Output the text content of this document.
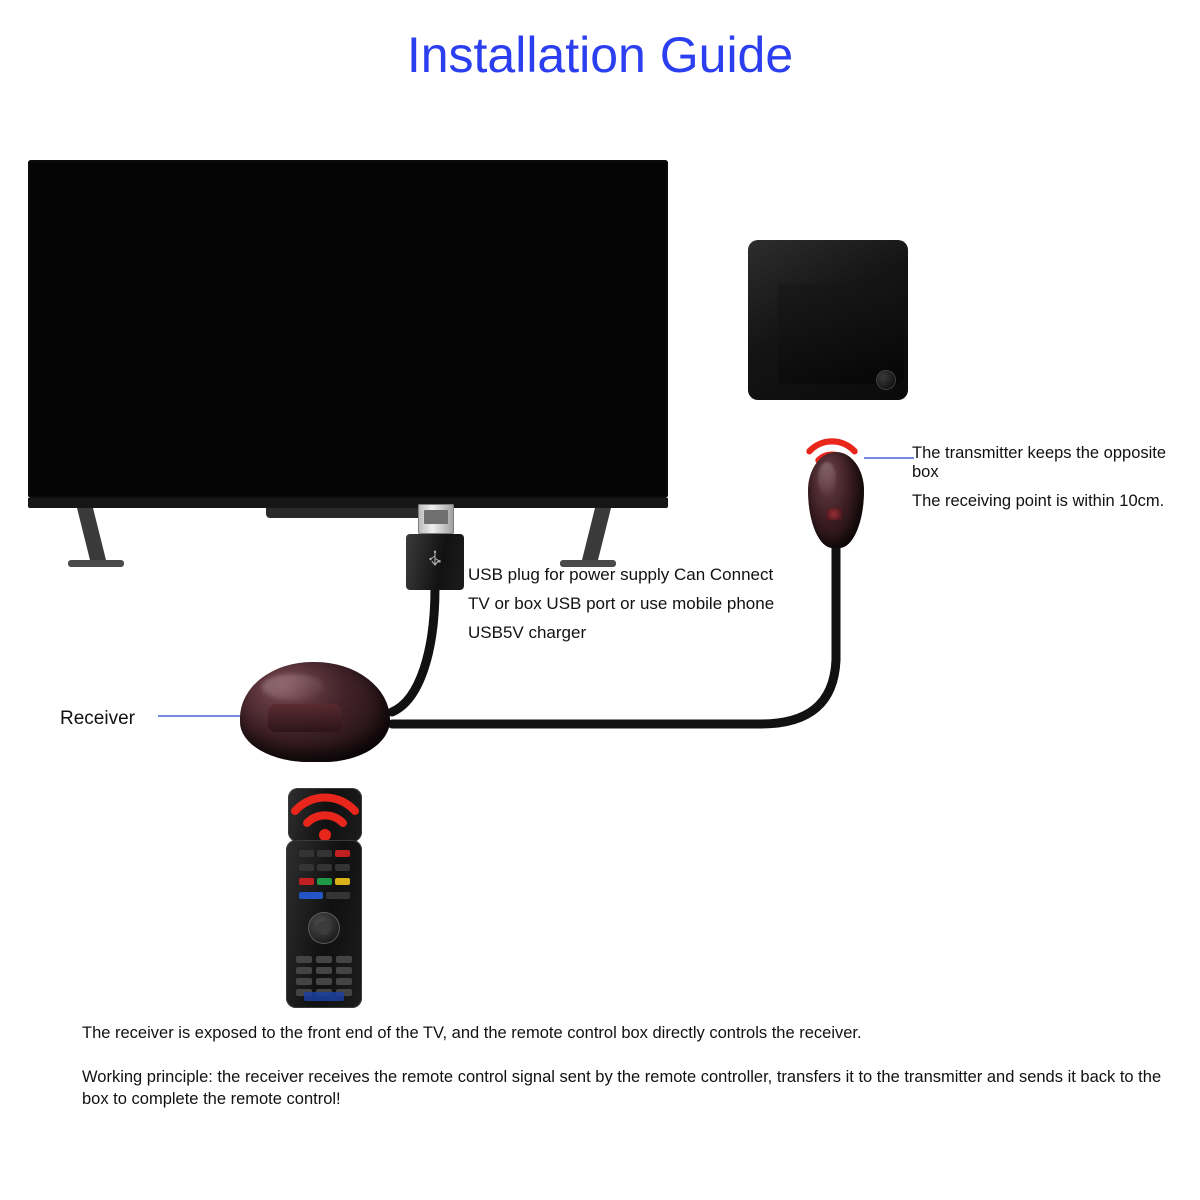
Installation Guide
The transmitter keeps the opposite box
The receiving point is within 10cm.
USB plug for power supply Can Connect TV or box USB port or use mobile phone USB5V charger
Receiver

The receiver is exposed to the front end of the TV, and the remote control box directly controls the receiver.

Working principle: the receiver receives the remote control signal sent by the remote controller, transfers it to the transmitter and sends it back to the box to complete the remote control!
